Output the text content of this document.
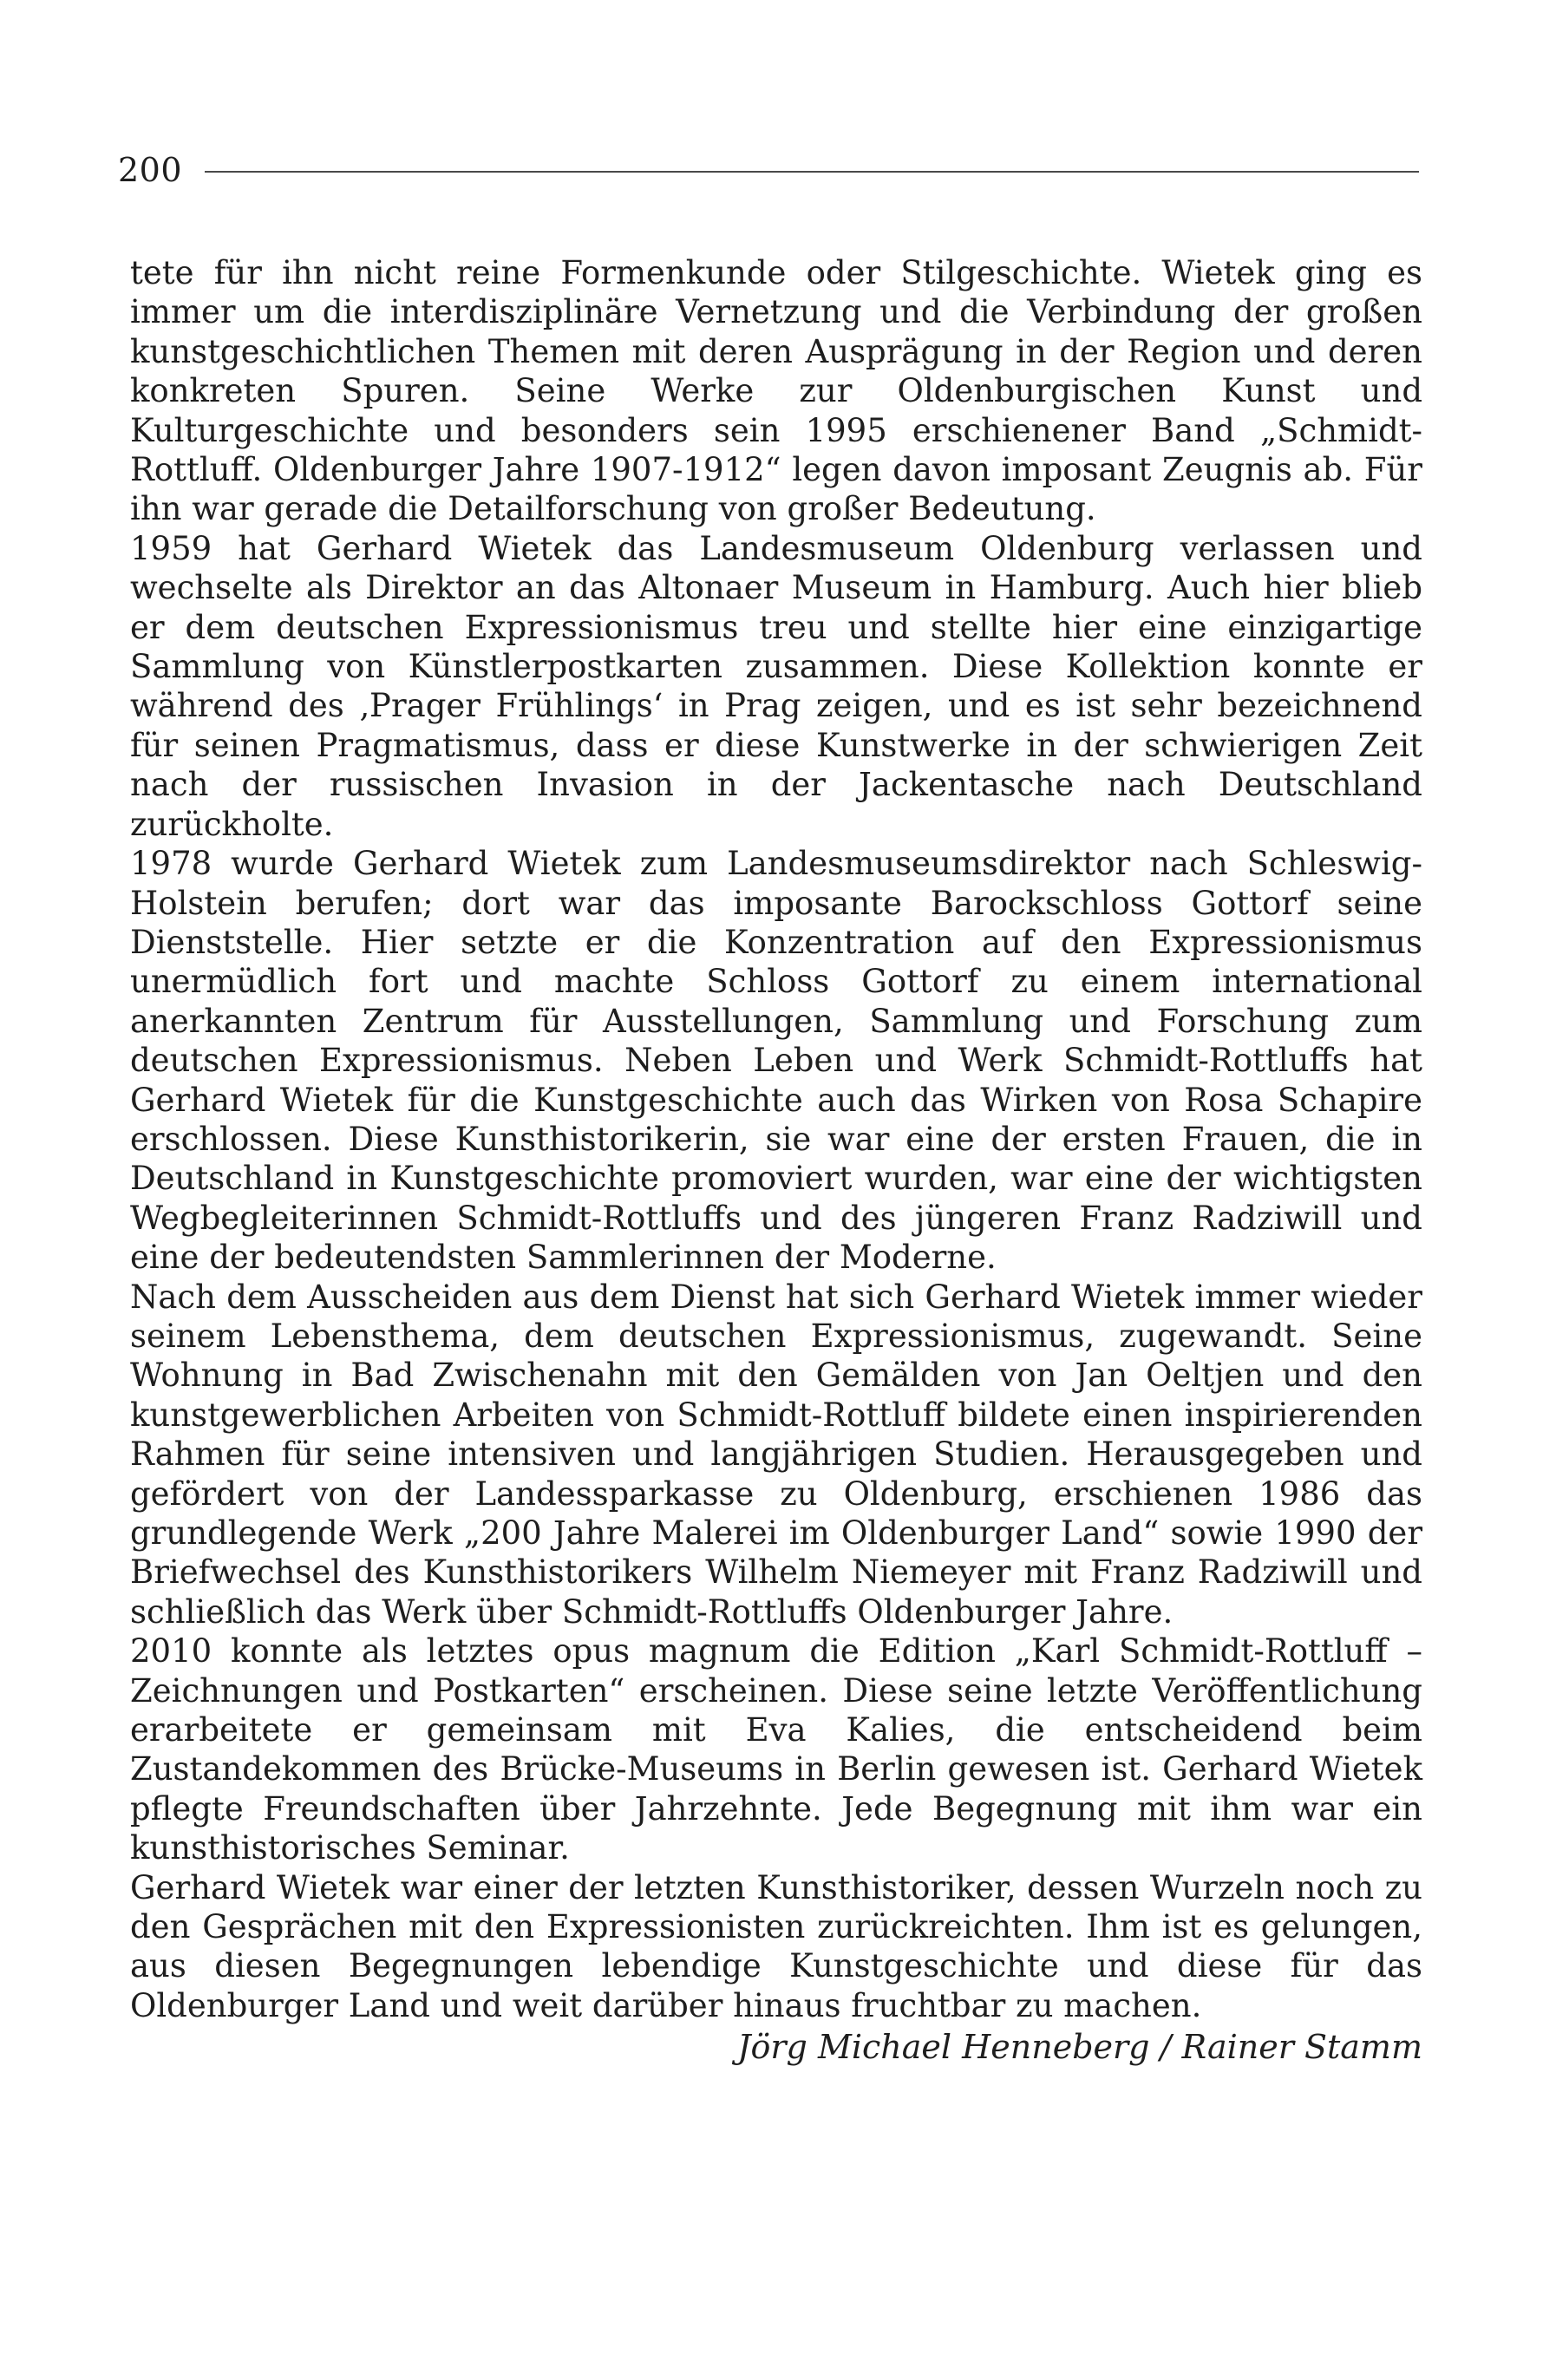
200

tete für ihn nicht reine Formenkunde oder Stilgeschichte. Wietek ging es immer um die interdisziplinäre Vernetzung und die Verbindung der großen kunstgeschichtlichen Themen mit deren Ausprägung in der Region und deren konkreten Spuren. Seine Werke zur Oldenburgischen Kunst und Kulturgeschichte und besonders sein 1995 erschienener Band „Schmidt-Rottluff. Oldenburger Jahre 1907-1912“ legen davon imposant Zeugnis ab. Für ihn war gerade die Detailforschung von großer Bedeutung.

1959 hat Gerhard Wietek das Landesmuseum Oldenburg verlassen und wechselte als Direktor an das Altonaer Museum in Hamburg. Auch hier blieb er dem deutschen Expressionismus treu und stellte hier eine einzigartige Sammlung von Künstlerpostkarten zusammen. Diese Kollektion konnte er während des ‚Prager Frühlings‘ in Prag zeigen, und es ist sehr bezeichnend für seinen Pragmatismus, dass er diese Kunstwerke in der schwierigen Zeit nach der russischen Invasion in der Jackentasche nach Deutschland zurückholte.

1978 wurde Gerhard Wietek zum Landesmuseumsdirektor nach Schleswig-Holstein berufen; dort war das imposante Barockschloss Gottorf seine Dienststelle. Hier setzte er die Konzentration auf den Expressionismus unermüdlich fort und machte Schloss Gottorf zu einem international anerkannten Zentrum für Ausstellungen, Sammlung und Forschung zum deutschen Expressionismus. Neben Leben und Werk Schmidt-Rottluffs hat Gerhard Wietek für die Kunstgeschichte auch das Wirken von Rosa Schapire erschlossen. Diese Kunsthistorikerin, sie war eine der ersten Frauen, die in Deutschland in Kunstgeschichte promoviert wurden, war eine der wichtigsten Wegbegleiterinnen Schmidt-Rottluffs und des jüngeren Franz Radziwill und eine der bedeutendsten Sammlerinnen der Moderne.

Nach dem Ausscheiden aus dem Dienst hat sich Gerhard Wietek immer wieder seinem Lebensthema, dem deutschen Expressionismus, zugewandt. Seine Wohnung in Bad Zwischenahn mit den Gemälden von Jan Oeltjen und den kunstgewerblichen Arbeiten von Schmidt-Rottluff bildete einen inspirierenden Rahmen für seine intensiven und langjährigen Studien. Herausgegeben und gefördert von der Landessparkasse zu Oldenburg, erschienen 1986 das grundlegende Werk „200 Jahre Malerei im Oldenburger Land“ sowie 1990 der Briefwechsel des Kunsthistorikers Wilhelm Niemeyer mit Franz Radziwill und schließlich das Werk über Schmidt-Rottluffs Oldenburger Jahre.

2010 konnte als letztes opus magnum die Edition „Karl Schmidt-Rottluff – Zeichnungen und Postkarten“ erscheinen. Diese seine letzte Veröffentlichung erarbeitete er gemeinsam mit Eva Kalies, die entscheidend beim Zustandekommen des Brücke-Museums in Berlin gewesen ist. Gerhard Wietek pflegte Freundschaften über Jahrzehnte. Jede Begegnung mit ihm war ein kunsthistorisches Seminar.

Gerhard Wietek war einer der letzten Kunsthistoriker, dessen Wurzeln noch zu den Gesprächen mit den Expressionisten zurückreichten. Ihm ist es gelungen, aus diesen Begegnungen lebendige Kunstgeschichte und diese für das Oldenburger Land und weit darüber hinaus fruchtbar zu machen.

Jörg Michael Henneberg / Rainer Stamm
